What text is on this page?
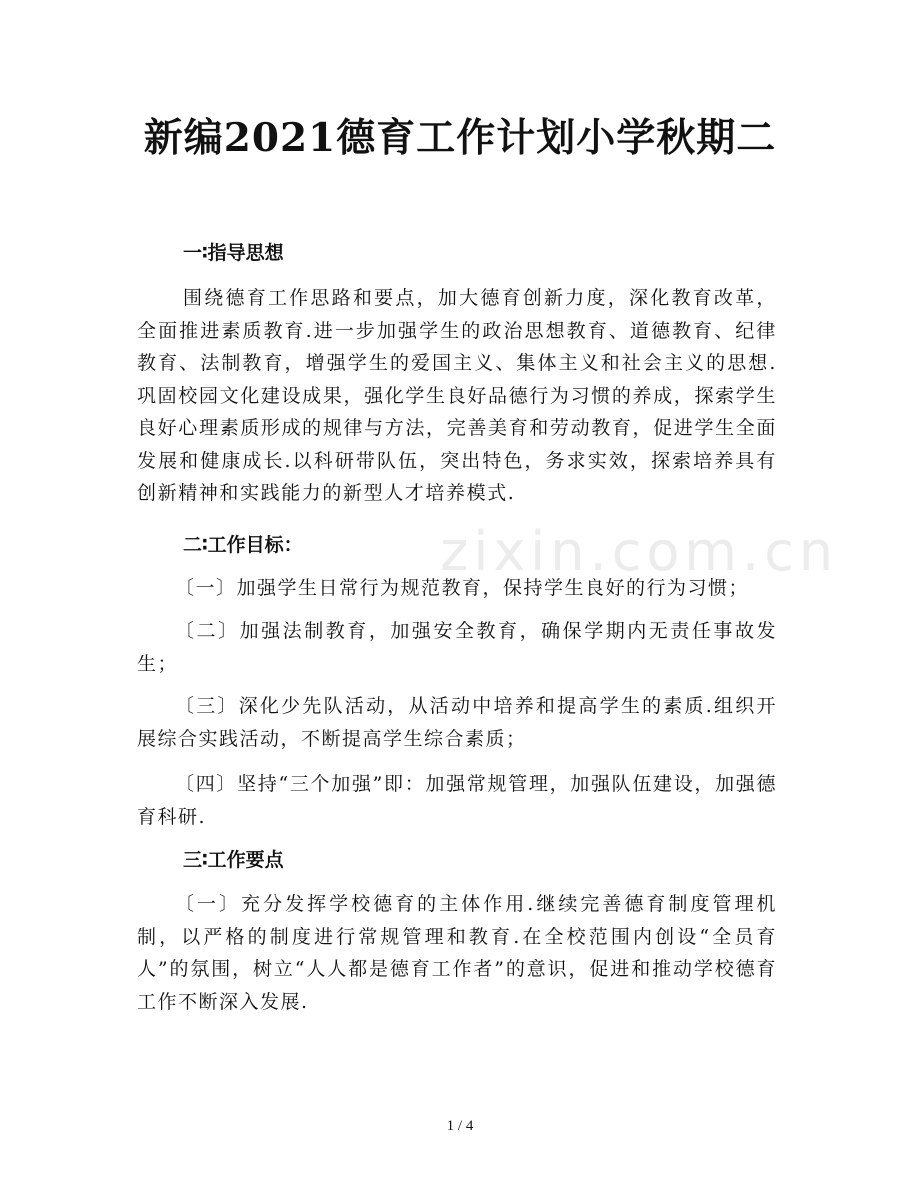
zixin.com.cn
新编2021德育工作计划小学秋期二
一∶指导思想
围绕德育工作思路和要点，加大德育创新力度，深化教育改革，全面推进素质教育.进一步加强学生的政治思想教育、道德教育、纪律教育、法制教育，增强学生的爱国主义、集体主义和社会主义的思想.巩固校园文化建设成果，强化学生良好品德行为习惯的养成，探索学生良好心理素质形成的规律与方法，完善美育和劳动教育，促进学生全面发展和健康成长.以科研带队伍，突出特色，务求实效，探索培养具有创新精神和实践能力的新型人才培养模式.
二∶工作目标：
〔一〕加强学生日常行为规范教育，保持学生良好的行为习惯；
〔二〕加强法制教育，加强安全教育，确保学期内无责任事故发生；
〔三〕深化少先队活动，从活动中培养和提高学生的素质.组织开展综合实践活动，不断提高学生综合素质；
〔四〕坚持“三个加强”即：加强常规管理，加强队伍建设，加强德育科研.
三∶工作要点
〔一〕充分发挥学校德育的主体作用.继续完善德育制度管理机制，以严格的制度进行常规管理和教育.在全校范围内创设“全员育人”的氛围，树立“人人都是德育工作者”的意识，促进和推动学校德育工作不断深入发展.
1 / 4
